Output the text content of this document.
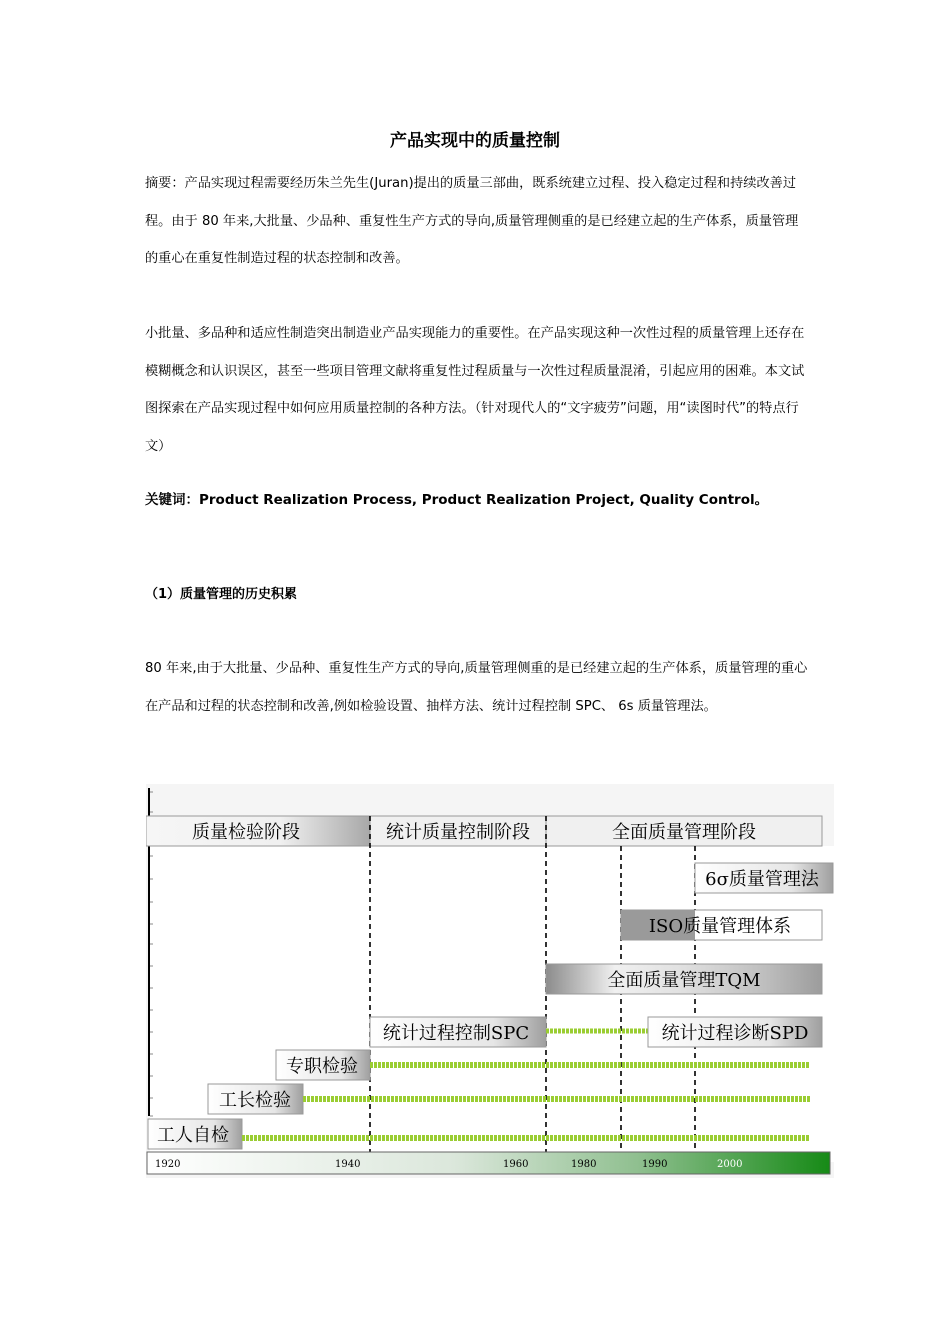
产品实现中的质量控制
摘要：产品实现过程需要经历朱兰先生(Juran)提出的质量三部曲，既系统建立过程、投入稳定过程和持续改善过程。由于 80 年来,大批量、少品种、重复性生产方式的导向,质量管理侧重的是已经建立起的生产体系，质量管理的重心在重复性制造过程的状态控制和改善。
小批量、多品种和适应性制造突出制造业产品实现能力的重要性。在产品实现这种一次性过程的质量管理上还存在模糊概念和认识误区，甚至一些项目管理文献将重复性过程质量与一次性过程质量混淆，引起应用的困难。本文试图探索在产品实现过程中如何应用质量控制的各种方法。（针对现代人的“文字疲劳”问题，用“读图时代”的特点行文）
关键词：Product Realization Process, Product Realization Project, Quality Control。
（1）质量管理的历史积累
80 年来,由于大批量、少品种、重复性生产方式的导向,质量管理侧重的是已经建立起的生产体系，质量管理的重心在产品和过程的状态控制和改善,例如检验设置、抽样方法、统计过程控制 SPC、 6s 质量管理法。
质量检验阶段	统计质量控制阶段	全面质量管理阶段
6σ质量管理法
ISO质量管理体系
全面质量管理TQM
统计过程控制SPC	统计过程诊断SPD
专职检验
工长检验
工人自检
1920	1940	1960	1980	1990	2000
